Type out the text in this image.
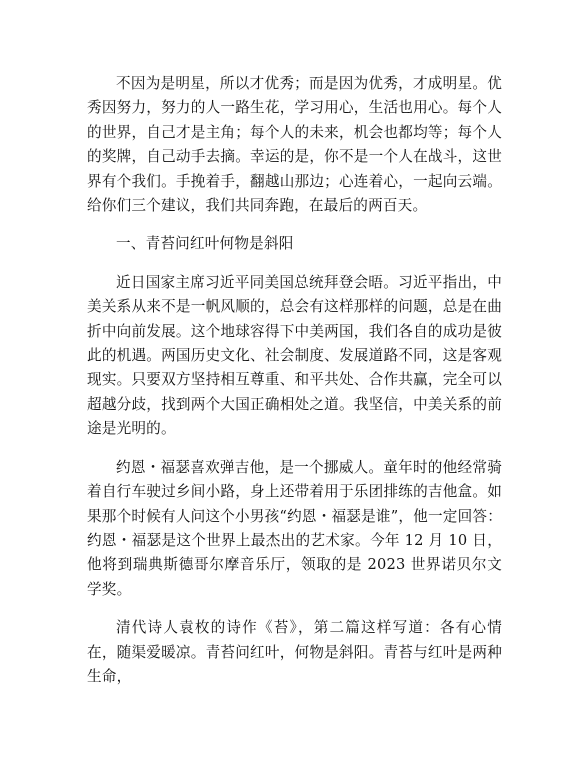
不因为是明星，所以才优秀；而是因为优秀，才成明星。优秀因努力，努力的人一路生花，学习用心，生活也用心。每个人的世界，自己才是主角；每个人的未来，机会也都均等；每个人的奖牌，自己动手去摘。幸运的是，你不是一个人在战斗，这世界有个我们。手挽着手，翻越山那边；心连着心，一起向云端。给你们三个建议，我们共同奔跑，在最后的两百天。

一、青苔问红叶何物是斜阳

近日国家主席习近平同美国总统拜登会晤。习近平指出，中美关系从来不是一帆风顺的，总会有这样那样的问题，总是在曲折中向前发展。这个地球容得下中美两国，我们各自的成功是彼此的机遇。两国历史文化、社会制度、发展道路不同，这是客观现实。只要双方坚持相互尊重、和平共处、合作共赢，完全可以超越分歧，找到两个大国正确相处之道。我坚信，中美关系的前途是光明的。

约恩・福瑟喜欢弹吉他，是一个挪威人。童年时的他经常骑着自行车驶过乡间小路，身上还带着用于乐团排练的吉他盒。如果那个时候有人问这个小男孩“约恩・福瑟是谁”，他一定回答：约恩・福瑟是这个世界上最杰出的艺术家。今年 12 月 10 日，他将到瑞典斯德哥尔摩音乐厅，领取的是 2023 世界诺贝尔文学奖。

清代诗人袁枚的诗作《苔》，第二篇这样写道：各有心情在，随渠爱暖凉。青苔问红叶，何物是斜阳。青苔与红叶是两种生命，
